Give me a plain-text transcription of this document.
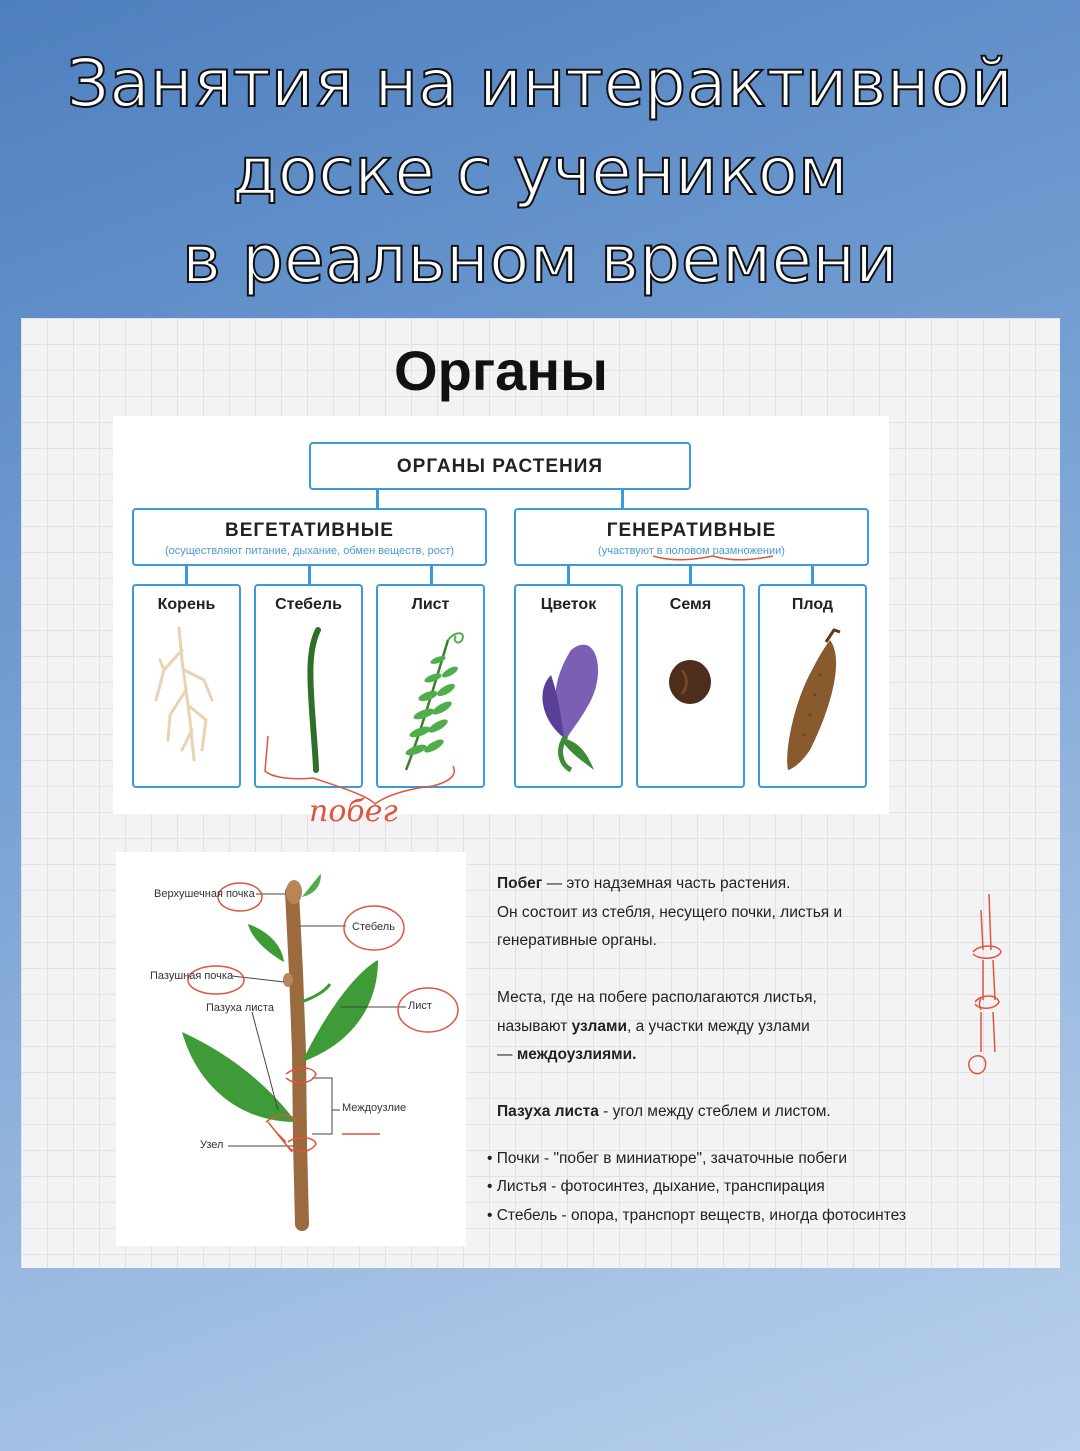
Занятия на интерактивной
доске с учеником
в реальном времени
Органы
ОРГАНЫ РАСТЕНИЯ
ВЕГЕТАТИВНЫЕ
(осуществляют питание, дыхание, обмен веществ, рост)
ГЕНЕРАТИВНЫЕ
(участвуют в половом размножении)
Корень	Стебель	Лист	Цветок	Семя	Плод
побег
Верхушечная почка
Стебель
Пазушная почка
Пазуха листа	Лист
Междоузлие
Узел

Побег — это надземная часть растения.

Он состоит из стебля, несущего почки, листья и

генеративные органы.

Места, где на побеге располагаются листья,

называют узлами, а участки между узлами

— междоузлиями.

Пазуха листа - угол между стеблем и листом.

• Почки - "побег в миниатюре", зачаточные побеги
• Листья - фотосинтез, дыхание, транспирация
• Стебель - опора, транспорт веществ, иногда фотосинтез
